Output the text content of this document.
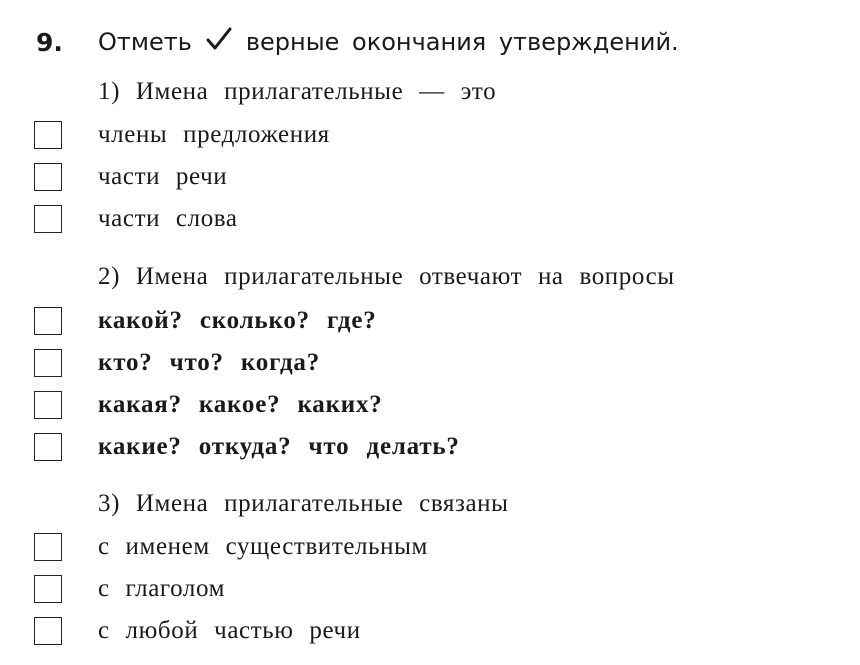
9.	Отметь верные окончания утверждений.
1) Имена прилагательные — это
члены предложения
части речи
части слова
2) Имена прилагательные отвечают на вопросы
какой? сколько? где?
кто? что? когда?
какая? какое? каких?
какие? откуда? что делать?
3) Имена прилагательные связаны
с именем существительным
с глаголом
с любой частью речи
